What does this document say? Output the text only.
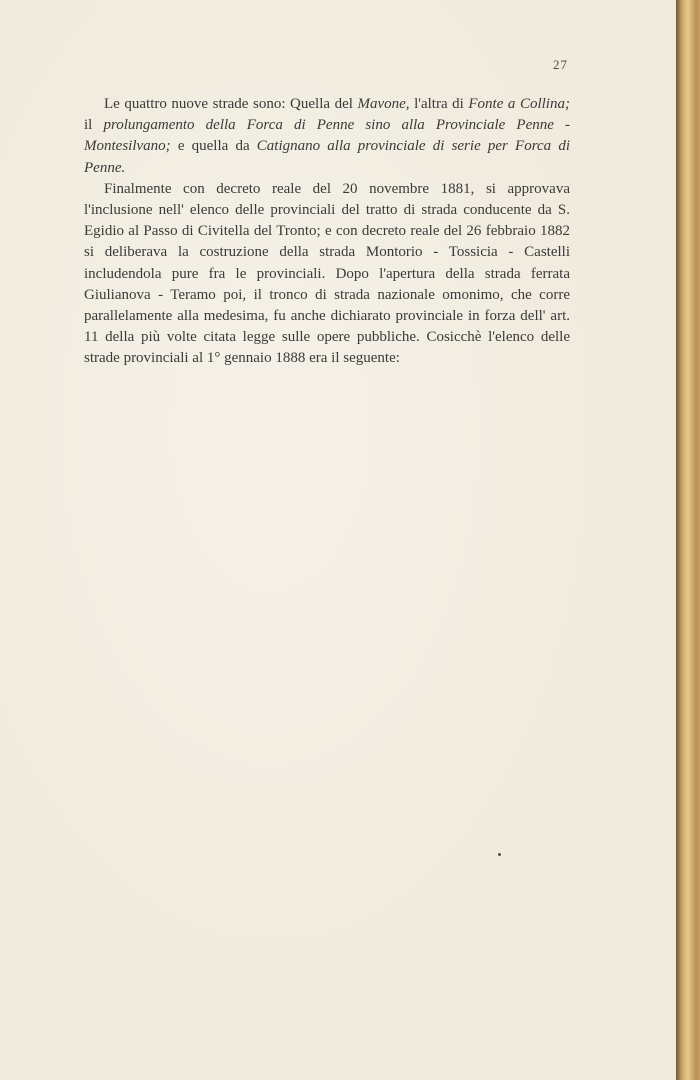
27

Le quattro nuove strade sono: Quella del Mavone, l'altra di Fonte a Collina; il prolungamento della Forca di Penne sino alla Provinciale Penne - Montesilvano; e quella da Catignano alla provinciale di serie per Forca di Penne.

Finalmente con decreto reale del 20 novembre 1881, si approvava l'inclusione nell' elenco delle provinciali del tratto di strada conducente da S. Egidio al Passo di Civitella del Tronto; e con decreto reale del 26 febbraio 1882 si deliberava la costruzione della strada Montorio - Tossicia - Castelli includendola pure fra le provinciali. Dopo l'apertura della strada ferrata Giulianova - Teramo poi, il tronco di strada nazionale omonimo, che corre parallelamente alla medesima, fu anche dichiarato provinciale in forza dell' art. 11 della più volte citata legge sulle opere pubbliche. Cosicchè l'elenco delle strade provinciali al 1° gennaio 1888 era il seguente:
